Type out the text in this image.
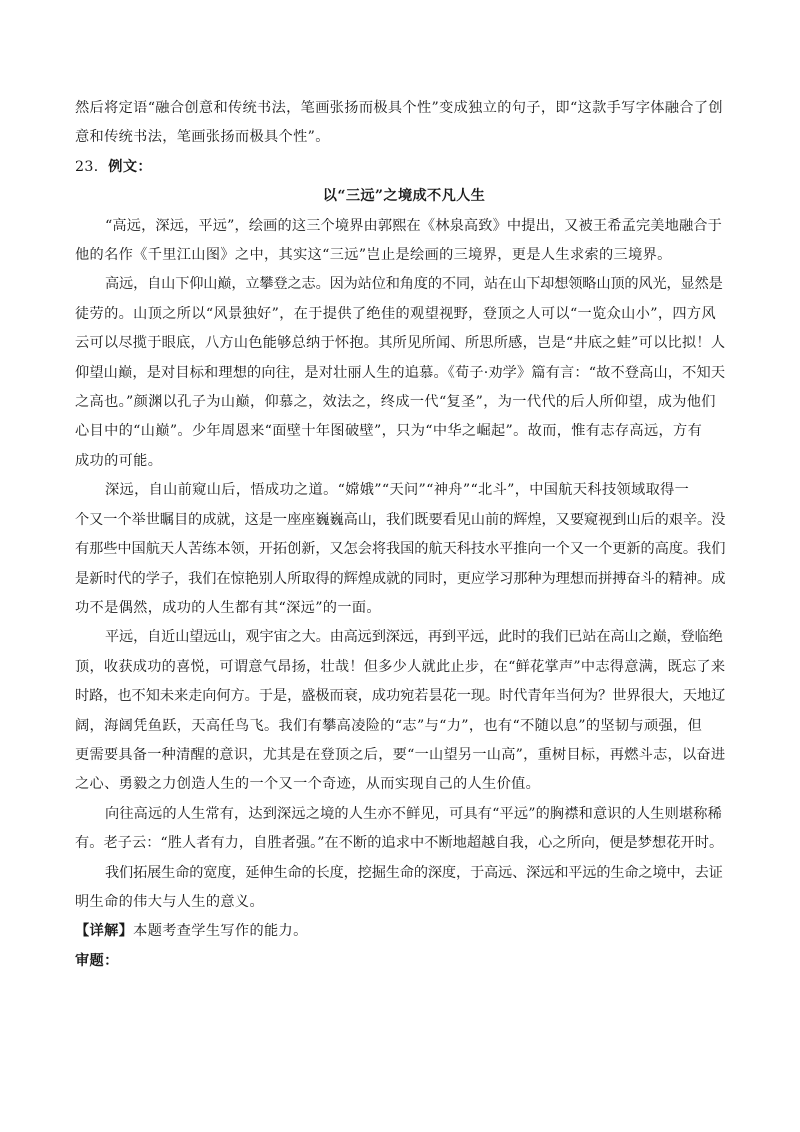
然后将定语“融合创意和传统书法，笔画张扬而极具个性”变成独立的句子，即“这款手写字体融合了创

意和传统书法，笔画张扬而极具个性”。

23．例文：

以“三远”之境成不凡人生

“高远，深远，平远”，绘画的这三个境界由郭熙在《林泉高致》中提出，又被王希孟完美地融合于

他的名作《千里江山图》之中，其实这“三远”岂止是绘画的三境界，更是人生求索的三境界。

高远，自山下仰山巅，立攀登之志。因为站位和角度的不同，站在山下却想领略山顶的风光，显然是

徒劳的。山顶之所以“风景独好”，在于提供了绝佳的观望视野，登顶之人可以“一览众山小”，四方风

云可以尽揽于眼底，八方山色能够总纳于怀抱。其所见所闻、所思所感，岂是“井底之蛙”可以比拟！人

仰望山巅，是对目标和理想的向往，是对壮丽人生的追慕。《荀子·劝学》篇有言：“故不登高山，不知天

之高也。”颜渊以孔子为山巅，仰慕之，效法之，终成一代“复圣”，为一代代的后人所仰望，成为他们

心目中的“山巅”。少年周恩来“面壁十年图破壁”，只为“中华之崛起”。故而，惟有志存高远，方有

成功的可能。

深远，自山前窥山后，悟成功之道。“嫦娥”“天问”“神舟”“北斗”，中国航天科技领域取得一

个又一个举世瞩目的成就，这是一座座巍巍高山，我们既要看见山前的辉煌，又要窥视到山后的艰辛。没

有那些中国航天人苦练本领，开拓创新，又怎会将我国的航天科技水平推向一个又一个更新的高度。我们

是新时代的学子，我们在惊艳别人所取得的辉煌成就的同时，更应学习那种为理想而拼搏奋斗的精神。成

功不是偶然，成功的人生都有其“深远”的一面。

平远，自近山望远山，观宇宙之大。由高远到深远，再到平远，此时的我们已站在高山之巅，登临绝

顶，收获成功的喜悦，可谓意气昂扬，壮哉！但多少人就此止步，在“鲜花掌声”中志得意满，既忘了来

时路，也不知未来走向何方。于是，盛极而衰，成功宛若昙花一现。时代青年当何为？世界很大，天地辽

阔，海阔凭鱼跃，天高任鸟飞。我们有攀高凌险的“志”与“力”，也有“不随以息”的坚韧与顽强，但

更需要具备一种清醒的意识，尤其是在登顶之后，要“一山望另一山高”，重树目标，再燃斗志，以奋进

之心、勇毅之力创造人生的一个又一个奇迹，从而实现自己的人生价值。

向往高远的人生常有，达到深远之境的人生亦不鲜见，可具有“平远”的胸襟和意识的人生则堪称稀

有。老子云：“胜人者有力，自胜者强。”在不断的追求中不断地超越自我，心之所向，便是梦想花开时。

我们拓展生命的宽度，延伸生命的长度，挖掘生命的深度，于高远、深远和平远的生命之境中，去证

明生命的伟大与人生的意义。

【详解】本题考查学生写作的能力。

审题：
